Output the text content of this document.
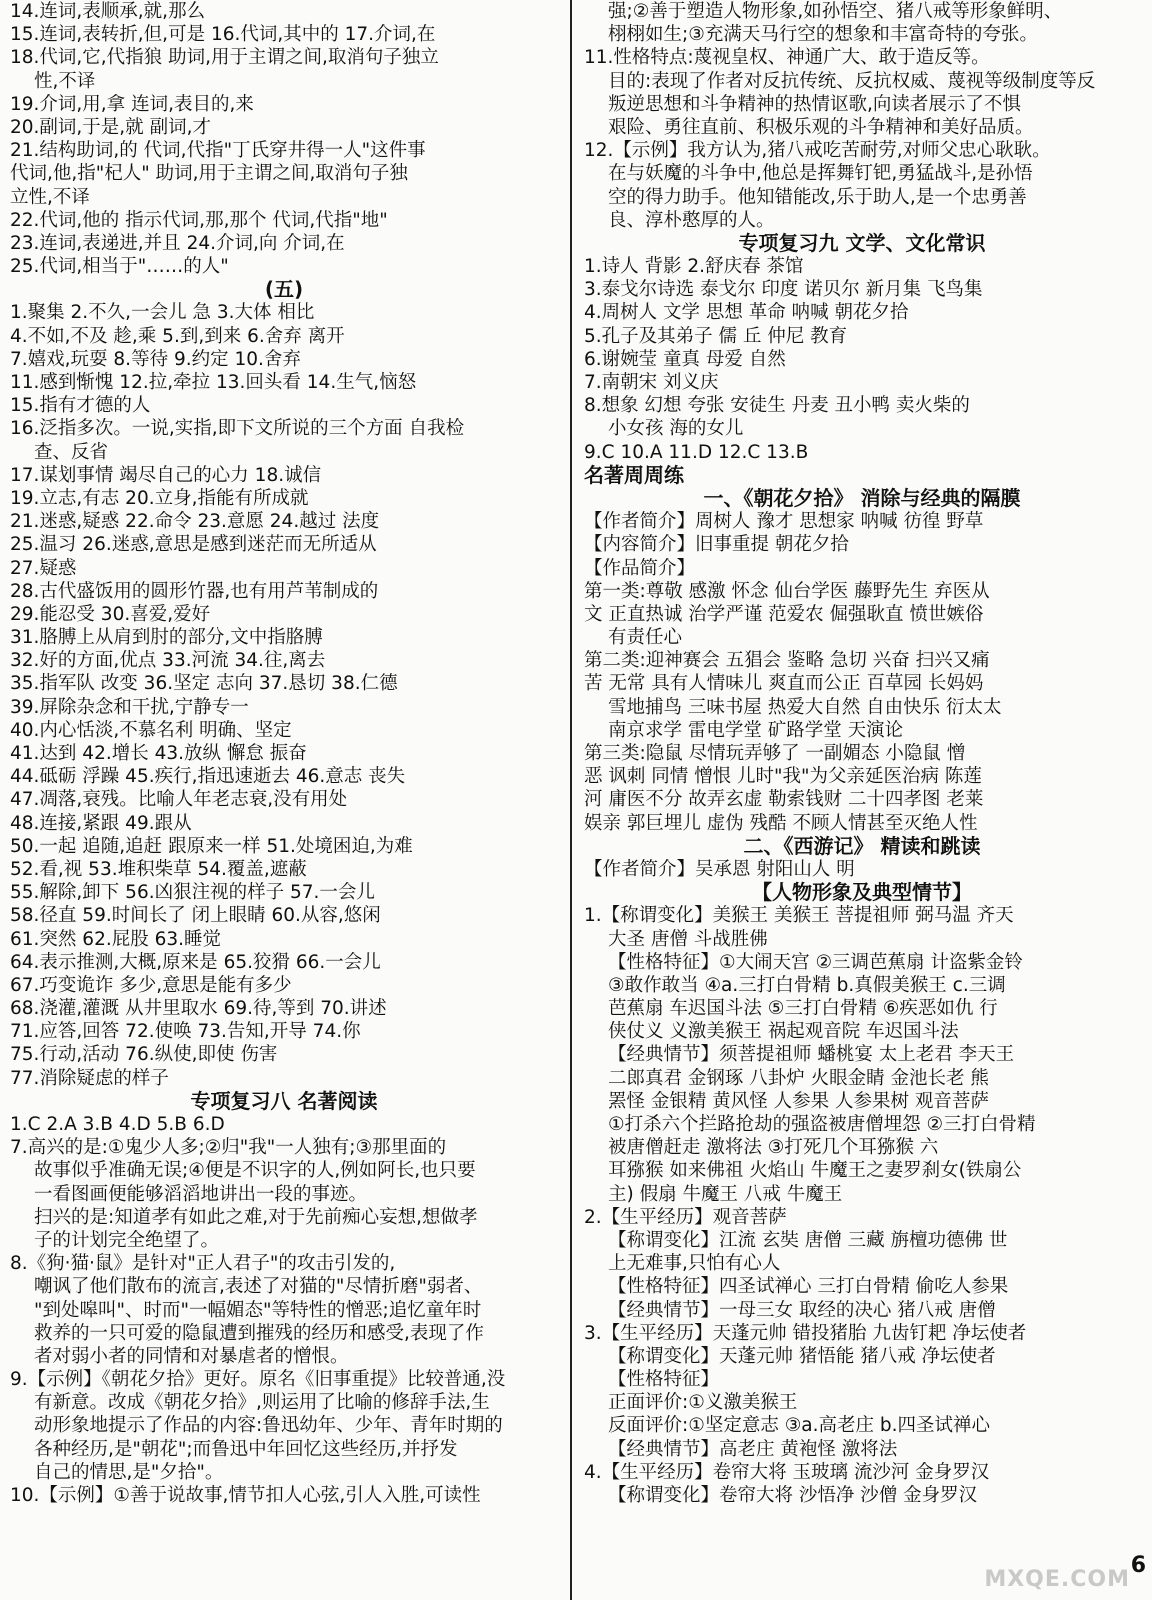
14.连词,表顺承,就,那么
15.连词,表转折,但,可是 16.代词,其中的 17.介词,在
18.代词,它,代指狼 助词,用于主谓之间,取消句子独立
性,不译
19.介词,用,拿 连词,表目的,来
20.副词,于是,就 副词,才
21.结构助词,的 代词,代指"丁氏穿井得一人"这件事
代词,他,指"杞人" 助词,用于主谓之间,取消句子独
立性,不译
22.代词,他的 指示代词,那,那个 代词,代指"地"
23.连词,表递进,并且 24.介词,向 介词,在
25.代词,相当于"……的人"
(五)
1.聚集 2.不久,一会儿 急 3.大体 相比
4.不如,不及 趁,乘 5.到,到来 6.舍弃 离开
7.嬉戏,玩耍 8.等待 9.约定 10.舍弃
11.感到惭愧 12.拉,牵拉 13.回头看 14.生气,恼怒
15.指有才德的人
16.泛指多次。一说,实指,即下文所说的三个方面 自我检
查、反省
17.谋划事情 竭尽自己的心力 18.诚信
19.立志,有志 20.立身,指能有所成就
21.迷惑,疑惑 22.命令 23.意愿 24.越过 法度
25.温习 26.迷惑,意思是感到迷茫而无所适从
27.疑惑
28.古代盛饭用的圆形竹器,也有用芦苇制成的
29.能忍受 30.喜爱,爱好
31.胳膊上从肩到肘的部分,文中指胳膊
32.好的方面,优点 33.河流 34.往,离去
35.指军队 改变 36.坚定 志向 37.恳切 38.仁德
39.屏除杂念和干扰,宁静专一
40.内心恬淡,不慕名利 明确、坚定
41.达到 42.增长 43.放纵 懈怠 振奋
44.砥砺 浮躁 45.疾行,指迅速逝去 46.意志 丧失
47.凋落,衰残。比喻人年老志衰,没有用处
48.连接,紧跟 49.跟从
50.一起 追随,追赶 跟原来一样 51.处境困迫,为难
52.看,视 53.堆积柴草 54.覆盖,遮蔽
55.解除,卸下 56.凶狠注视的样子 57.一会儿
58.径直 59.时间长了 闭上眼睛 60.从容,悠闲
61.突然 62.屁股 63.睡觉
64.表示推测,大概,原来是 65.狡猾 66.一会儿
67.巧变诡诈 多少,意思是能有多少
68.浇灌,灌溉 从井里取水 69.待,等到 70.讲述
71.应答,回答 72.使唤 73.告知,开导 74.你
75.行动,活动 76.纵使,即使 伤害
77.消除疑虑的样子
专项复习八 名著阅读
1.C 2.A 3.B 4.D 5.B 6.D
7.高兴的是:①鬼少人多;②归"我"一人独有;③那里面的
故事似乎准确无误;④便是不识字的人,例如阿长,也只要
一看图画便能够滔滔地讲出一段的事迹。
扫兴的是:知道孝有如此之难,对于先前痴心妄想,想做孝
子的计划完全绝望了。
8.《狗·猫·鼠》是针对"正人君子"的攻击引发的,
嘲讽了他们散布的流言,表述了对猫的"尽情折磨"弱者、
"到处嗥叫"、时而"一幅媚态"等特性的憎恶;追忆童年时
救养的一只可爱的隐鼠遭到摧残的经历和感受,表现了作
者对弱小者的同情和对暴虐者的憎恨。
9.【示例】《朝花夕拾》更好。原名《旧事重提》比较普通,没
有新意。改成《朝花夕拾》,则运用了比喻的修辞手法,生
动形象地提示了作品的内容:鲁迅幼年、少年、青年时期的
各种经历,是"朝花";而鲁迅中年回忆这些经历,并抒发
自己的情思,是"夕拾"。
10.【示例】①善于说故事,情节扣人心弦,引人入胜,可读性
强;②善于塑造人物形象,如孙悟空、猪八戒等形象鲜明、
栩栩如生;③充满天马行空的想象和丰富奇特的夸张。
11.性格特点:蔑视皇权、神通广大、敢于造反等。
目的:表现了作者对反抗传统、反抗权威、蔑视等级制度等反
叛逆思想和斗争精神的热情讴歌,向读者展示了不惧
艰险、勇往直前、积极乐观的斗争精神和美好品质。
12.【示例】我方认为,猪八戒吃苦耐劳,对师父忠心耿耿。
在与妖魔的斗争中,他总是挥舞钉钯,勇猛战斗,是孙悟
空的得力助手。他知错能改,乐于助人,是一个忠勇善
良、淳朴憨厚的人。
专项复习九 文学、文化常识
1.诗人 背影 2.舒庆春 茶馆
3.泰戈尔诗选 泰戈尔 印度 诺贝尔 新月集 飞鸟集
4.周树人 文学 思想 革命 呐喊 朝花夕拾
5.孔子及其弟子 儒 丘 仲尼 教育
6.谢婉莹 童真 母爱 自然
7.南朝宋 刘义庆
8.想象 幻想 夸张 安徒生 丹麦 丑小鸭 卖火柴的
小女孩 海的女儿
9.C 10.A 11.D 12.C 13.B
名著周周练
一、《朝花夕拾》 消除与经典的隔膜
【作者简介】周树人 豫才 思想家 呐喊 彷徨 野草
【内容简介】旧事重提 朝花夕拾
【作品简介】
第一类:尊敬 感激 怀念 仙台学医 藤野先生 弃医从
文 正直热诚 治学严谨 范爱农 倔强耿直 愤世嫉俗
有责任心
第二类:迎神赛会 五猖会 鉴略 急切 兴奋 扫兴又痛
苦 无常 具有人情味儿 爽直而公正 百草园 长妈妈
雪地捕鸟 三味书屋 热爱大自然 自由快乐 衍太太
南京求学 雷电学堂 矿路学堂 天演论
第三类:隐鼠 尽情玩弄够了 一副媚态 小隐鼠 憎
恶 讽刺 同情 憎恨 儿时"我"为父亲延医治病 陈莲
河 庸医不分 故弄玄虚 勒索钱财 二十四孝图 老莱
娱亲 郭巨埋儿 虚伪 残酷 不顾人情甚至灭绝人性
二、《西游记》 精读和跳读
【作者简介】吴承恩 射阳山人 明
【人物形象及典型情节】
1.【称谓变化】美猴王 美猴王 菩提祖师 弼马温 齐天
大圣 唐僧 斗战胜佛
【性格特征】①大闹天宫 ②三调芭蕉扇 计盗紫金铃
③敢作敢当 ④a.三打白骨精 b.真假美猴王 c.三调
芭蕉扇 车迟国斗法 ⑤三打白骨精 ⑥疾恶如仇 行
侠仗义 义激美猴王 祸起观音院 车迟国斗法
【经典情节】须菩提祖师 蟠桃宴 太上老君 李天王
二郎真君 金钢琢 八卦炉 火眼金睛 金池长老 熊
罴怪 金银精 黄风怪 人参果 人参果树 观音菩萨
①打杀六个拦路抢劫的强盗被唐僧埋怨 ②三打白骨精
被唐僧赶走 激将法 ③打死几个耳猕猴 六
耳猕猴 如来佛祖 火焰山 牛魔王之妻罗刹女(铁扇公
主) 假扇 牛魔王 八戒 牛魔王
2.【生平经历】观音菩萨
【称谓变化】江流 玄奘 唐僧 三藏 旃檀功德佛 世
上无难事,只怕有心人
【性格特征】四圣试禅心 三打白骨精 偷吃人参果
【经典情节】一母三女 取经的决心 猪八戒 唐僧
3.【生平经历】天蓬元帅 错投猪胎 九齿钉耙 净坛使者
【称谓变化】天蓬元帅 猪悟能 猪八戒 净坛使者
【性格特征】
正面评价:①义激美猴王
反面评价:①坚定意志 ③a.高老庄 b.四圣试禅心
【经典情节】高老庄 黄袍怪 激将法
4.【生平经历】卷帘大将 玉玻璃 流沙河 金身罗汉
【称谓变化】卷帘大将 沙悟净 沙僧 金身罗汉
MXQE.COM
6
